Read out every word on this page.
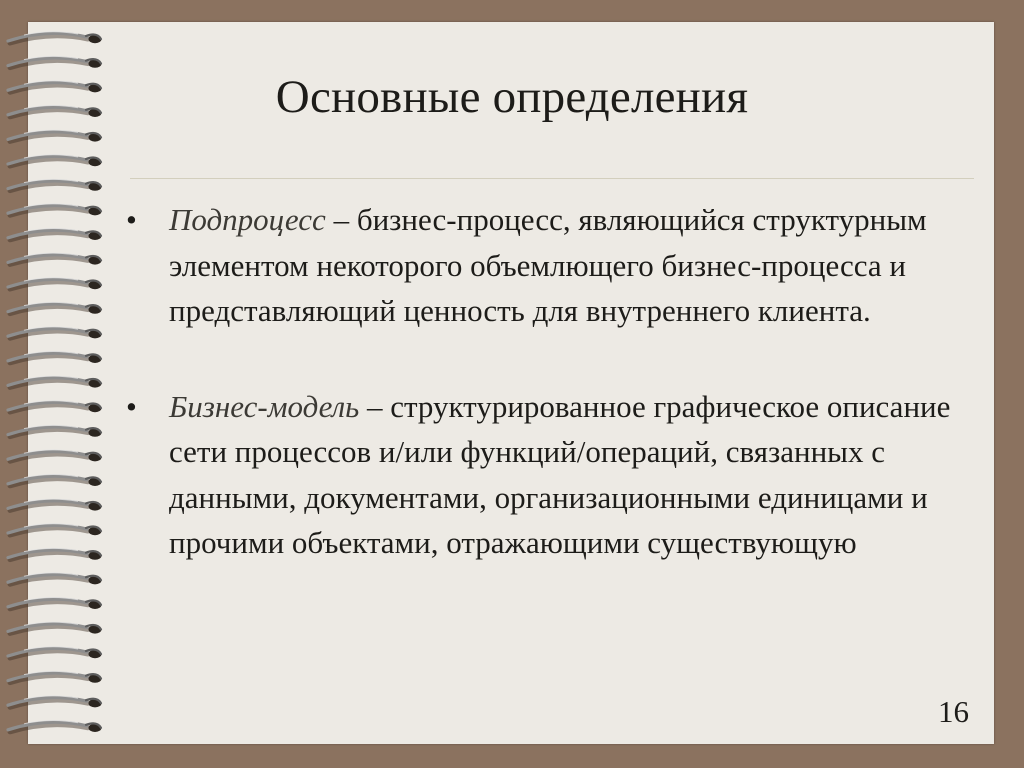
Основные определения
• Подпроцесс – бизнес-процесс, являющийся структурным элементом некоторого объемлющего бизнес-процесса и представляющий ценность для внутреннего клиента.
• Бизнес-модель – структурированное графическое описание сети процессов и/или функций/операций, связанных с данными, документами, организационными единицами и прочими объектами, отражающими существующую
16
